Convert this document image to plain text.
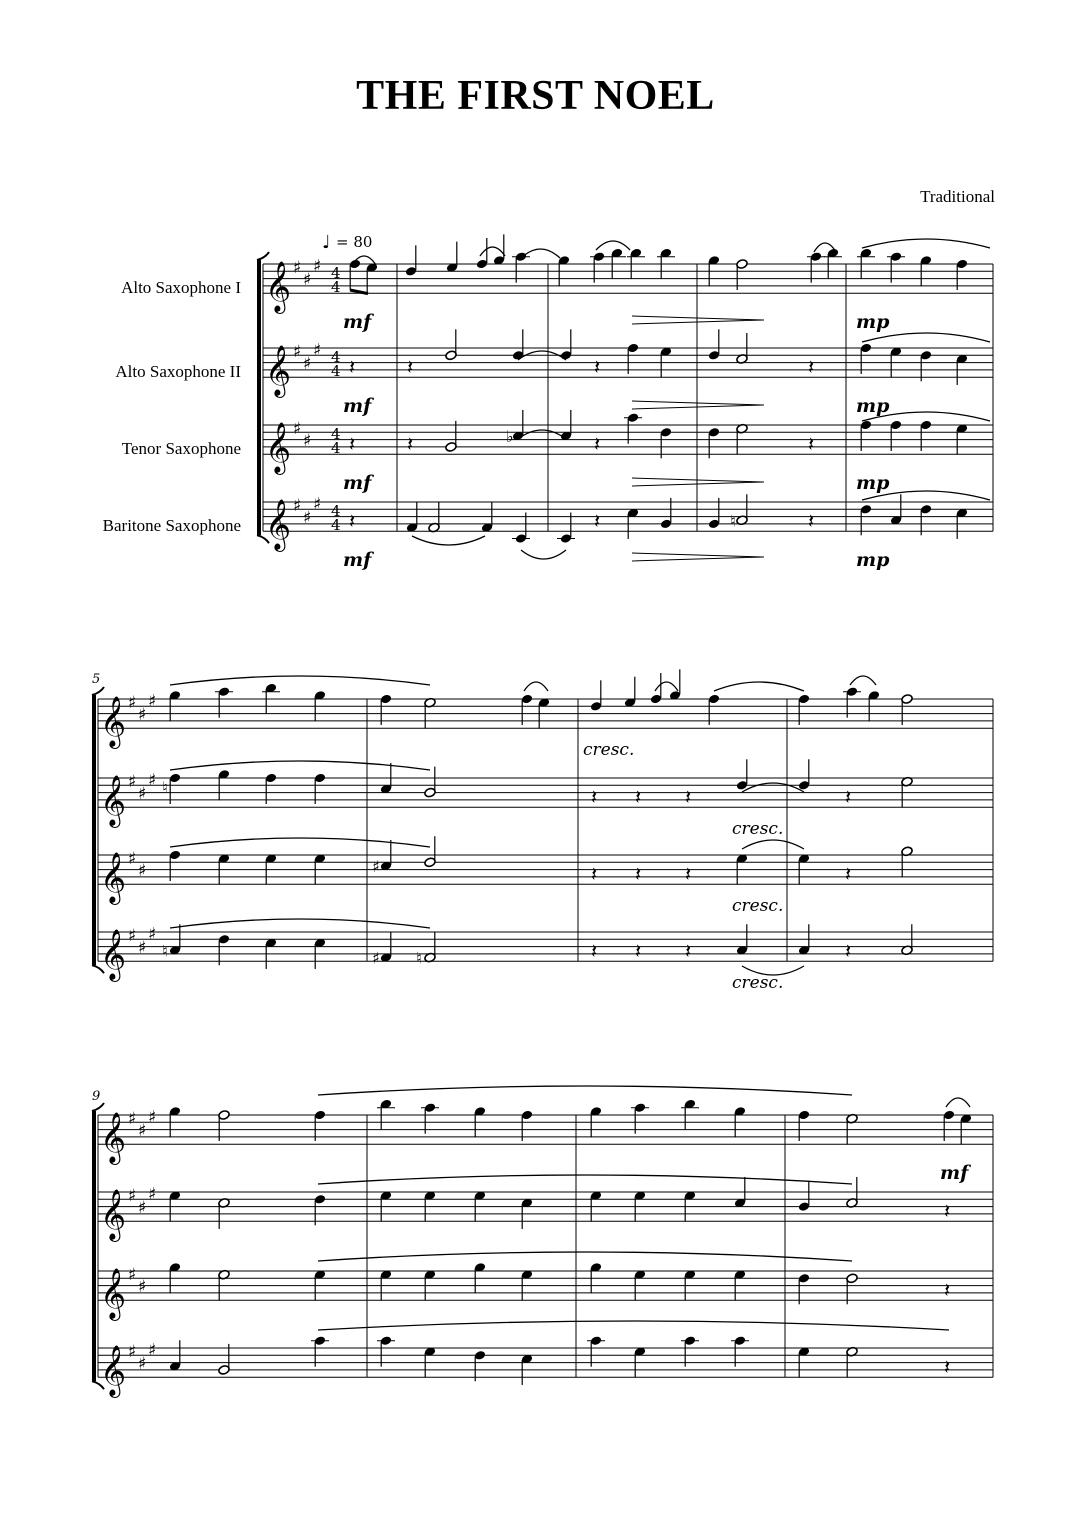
THE FIRST NOEL
Traditional
Alto Saxophone I
Alto Saxophone II
Tenor Saxophone
Baritone Saxophone
𝄞 ♯
♯
♯ 4
4
𝄞 ♯
♯
♯ 4
4
𝄞 ♯
♯ 4
4
𝄞 ♯
♯
♯ 4
4
𝄞 ♯
♯
♯
𝄞 ♯
♯
♯
𝄞 ♯
♯
𝄞 ♯
♯
♯
𝄞 ♯
♯
♯
𝄞 ♯
♯
♯
𝄞 ♯
♯
𝄞 ♯
♯
♯
♩ = 80
5
9
𝄽	𝄽	𝄽	𝄽
𝄽	𝄽	♭	𝄽	𝄽
𝄽	𝄽	♮	𝄽
mf	mp
mf	mp
mf	mp
mf	mp
cresc.
♮	𝄽 𝄽 𝄽	𝄽
cresc.
♯	𝄽 𝄽 𝄽	𝄽
cresc.
♮	♯ ♮	𝄽 𝄽 𝄽	𝄽
cresc.
mf
𝄽
𝄽
𝄽
